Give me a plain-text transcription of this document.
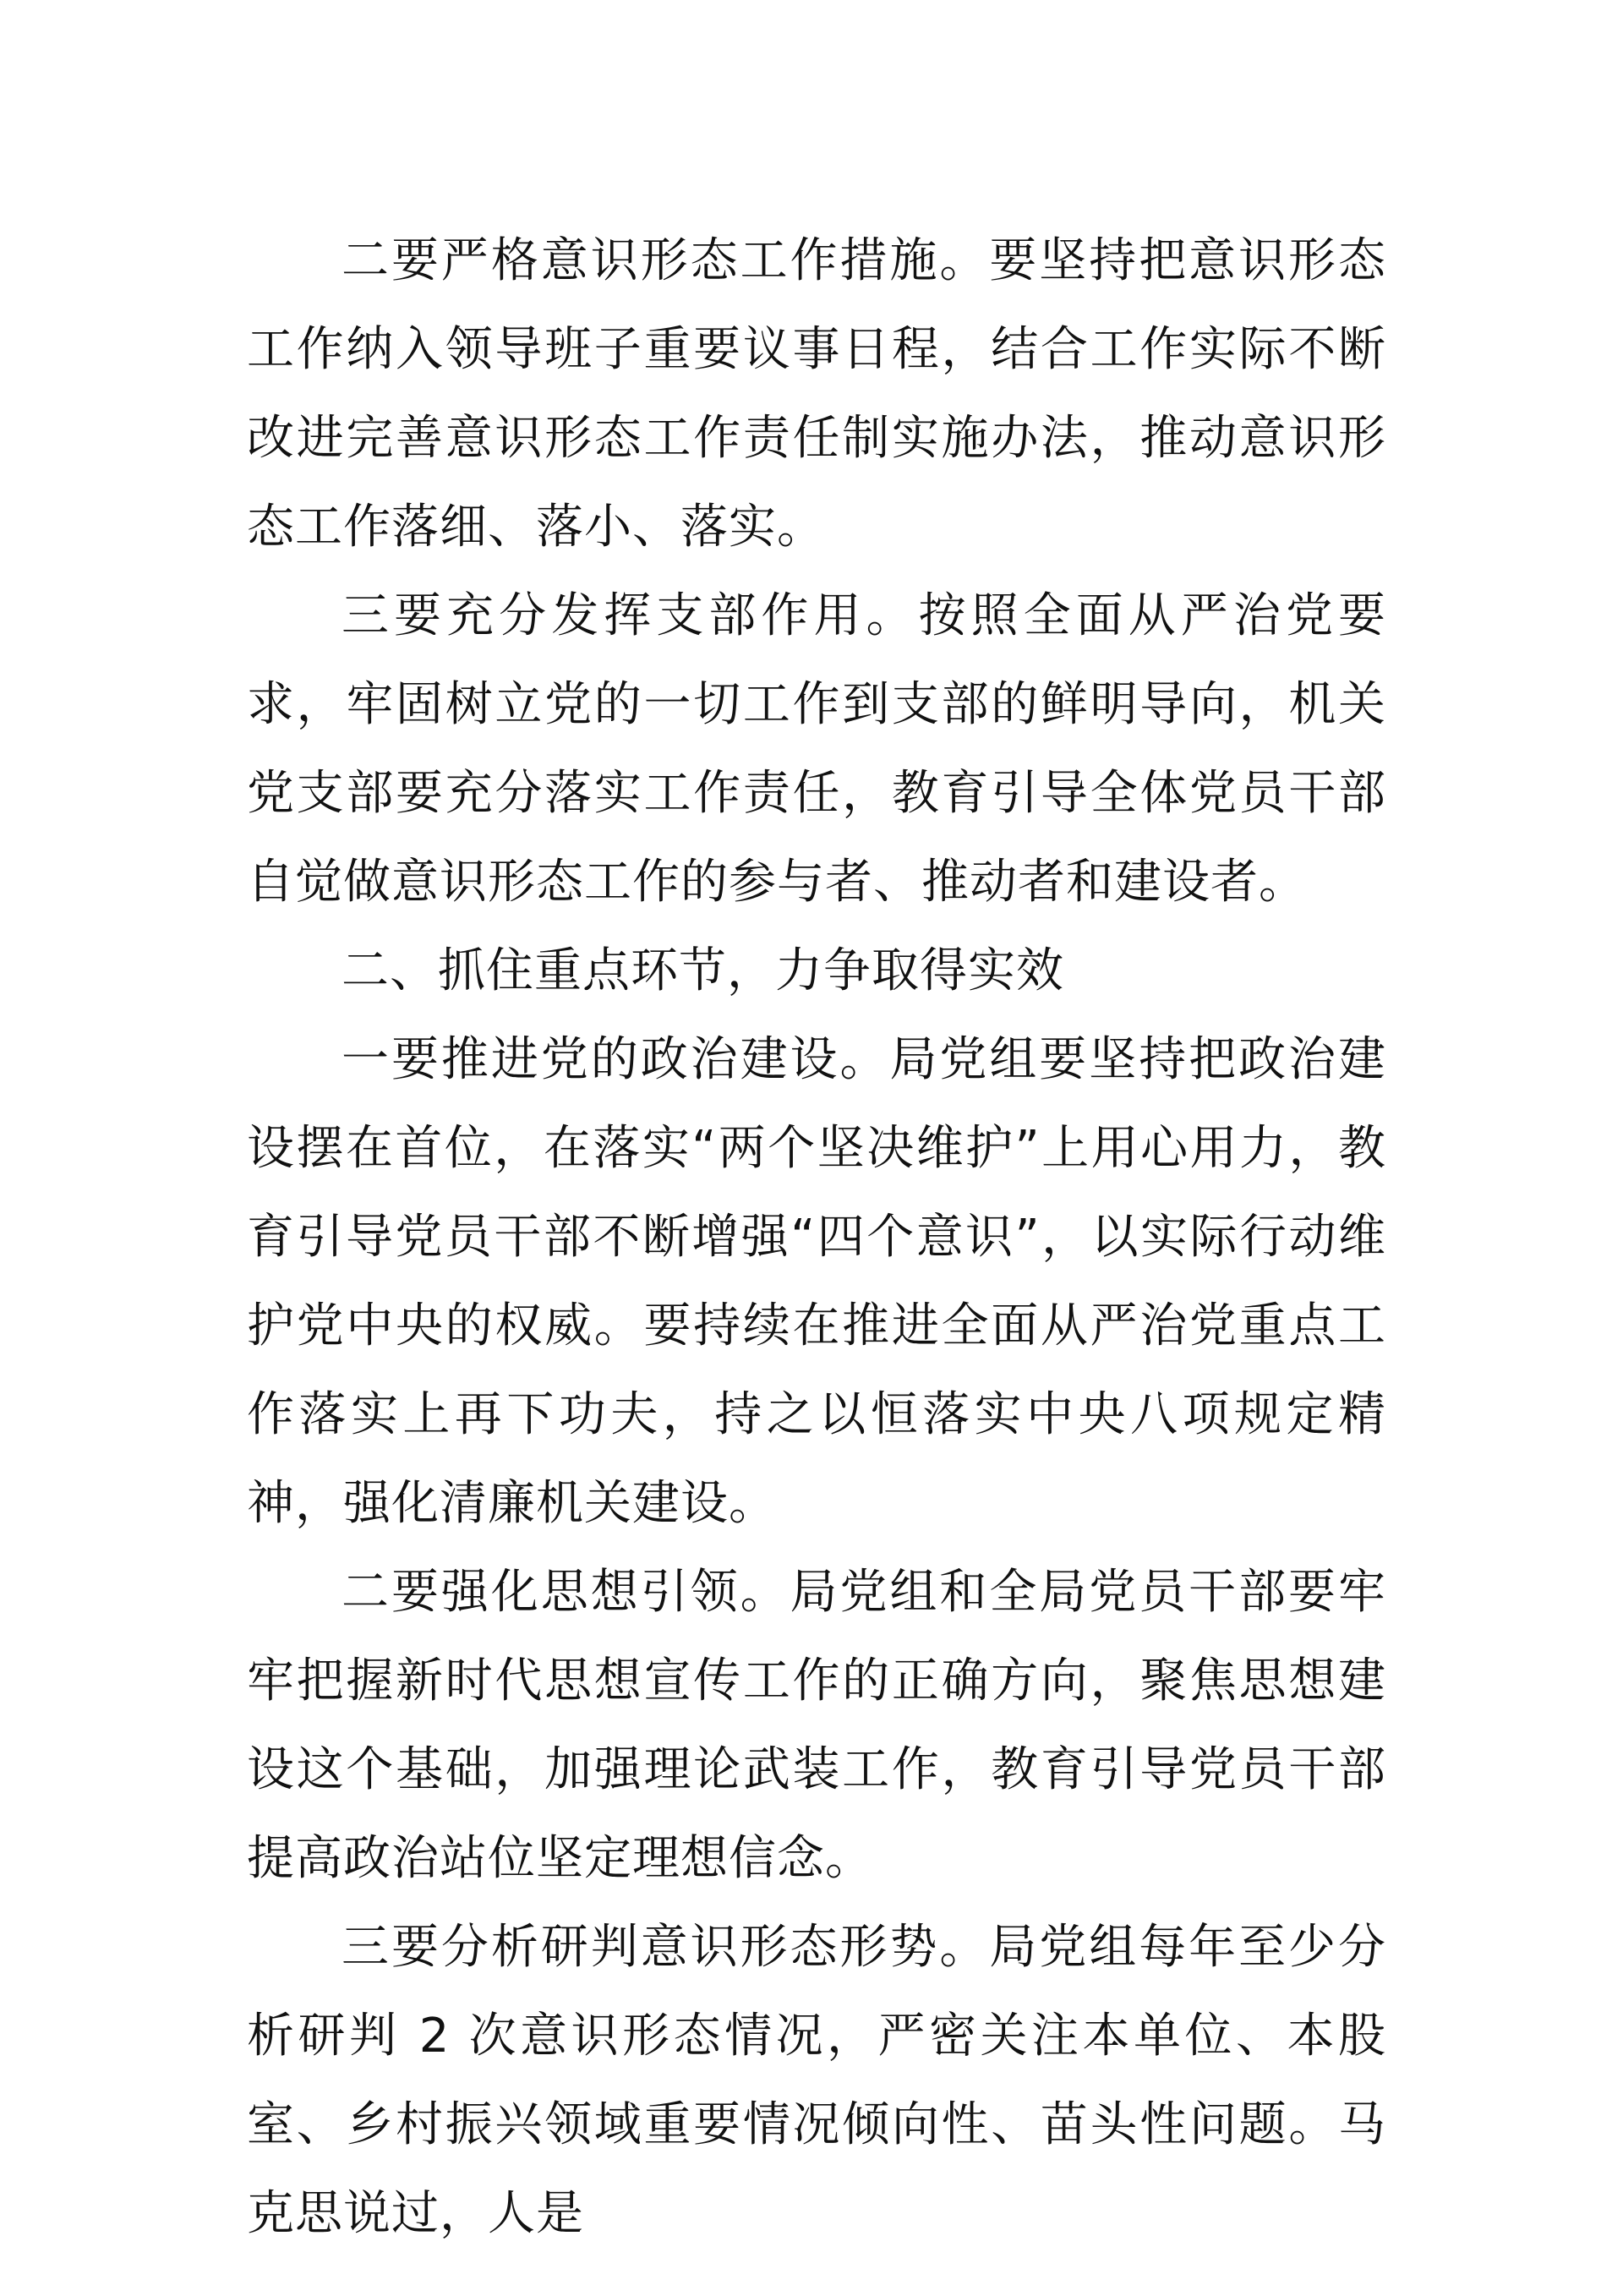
二要严格意识形态工作措施。要坚持把意识形态工作纳入领导班子重要议事日程，结合工作实际不断改进完善意识形态工作责任制实施办法，推动意识形态工作落细、落小、落实。

三要充分发挥支部作用。按照全面从严治党要求，牢固树立党的一切工作到支部的鲜明导向，机关党支部要充分落实工作责任，教育引导全体党员干部自觉做意识形态工作的参与者、推动者和建设者。

二、抓住重点环节，力争取得实效

一要推进党的政治建设。局党组要坚持把政治建设摆在首位，在落实“两个坚决维护”上用心用力，教育引导党员干部不断增强“四个意识”，以实际行动维护党中央的权威。要持续在推进全面从严治党重点工作落实上再下功夫，持之以恒落实中央八项规定精神，强化清廉机关建设。

二要强化思想引领。局党组和全局党员干部要牢牢把握新时代思想宣传工作的正确方向，聚焦思想建设这个基础，加强理论武装工作，教育引导党员干部提高政治站位坚定理想信念。

三要分析研判意识形态形势。局党组每年至少分析研判 2 次意识形态情况，严密关注本单位、本股室、乡村振兴领域重要情况倾向性、苗头性问题。马克思说过，人是
